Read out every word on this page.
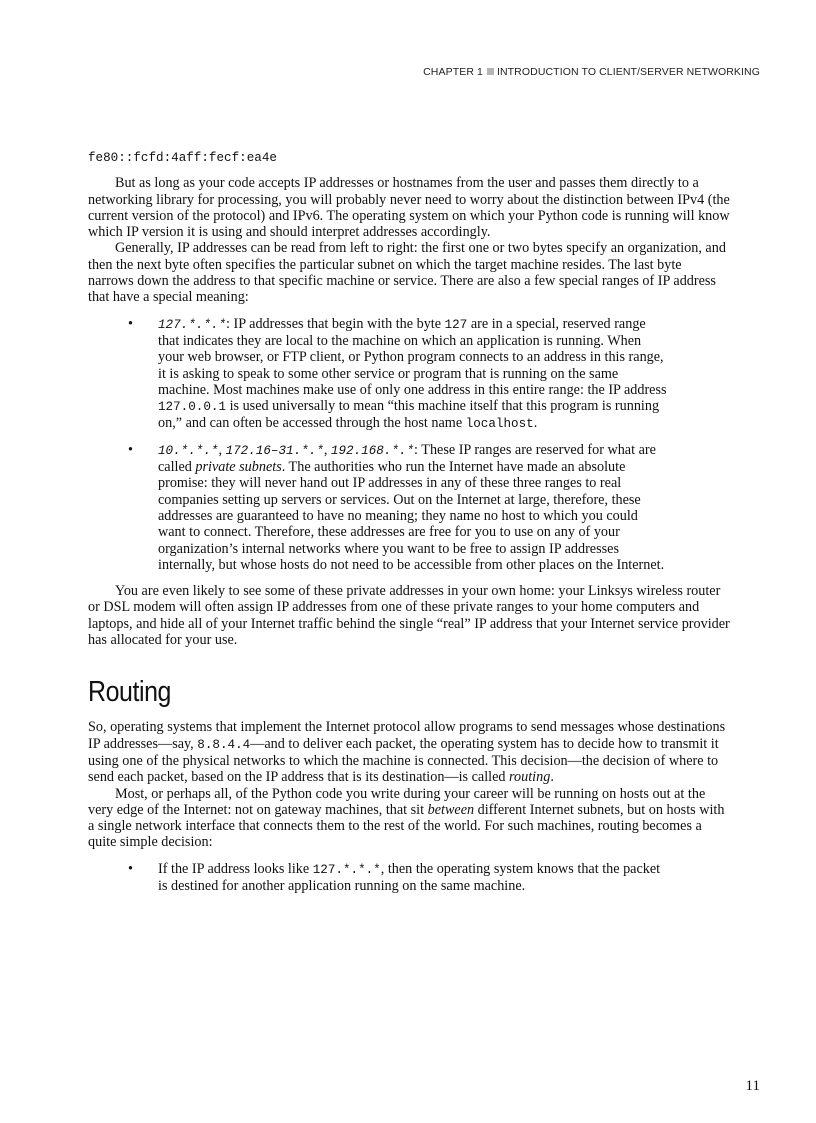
CHAPTER 1 INTRODUCTION TO CLIENT/SERVER NETWORKING
fe80::fcfd:4aff:fecf:ea4e

But as long as your code accepts IP addresses or hostnames from the user and passes them directly to a networking library for processing, you will probably never need to worry about the distinction between IPv4 (the current version of the protocol) and IPv6. The operating system on which your Python code is running will know which IP version it is using and should interpret addresses accordingly.

Generally, IP addresses can be read from left to right: the first one or two bytes specify an organization, and then the next byte often specifies the particular subnet on which the target machine resides. The last byte narrows down the address to that specific machine or service. There are also a few special ranges of IP address that have a special meaning:

• 127.*.*.*: IP addresses that begin with the byte 127 are in a special, reserved range that indicates they are local to the machine on which an application is running. When your web browser, or FTP client, or Python program connects to an address in this range, it is asking to speak to some other service or program that is running on the same machine. Most machines make use of only one address in this entire range: the IP address 127.0.0.1 is used universally to mean “this machine itself that this program is running on,” and can often be accessed through the host name localhost.
• 10.*.*.*, 172.16–31.*.*, 192.168.*.*: These IP ranges are reserved for what are called private subnets. The authorities who run the Internet have made an absolute promise: they will never hand out IP addresses in any of these three ranges to real companies setting up servers or services. Out on the Internet at large, therefore, these addresses are guaranteed to have no meaning; they name no host to which you could want to connect. Therefore, these addresses are free for you to use on any of your organization’s internal networks where you want to be free to assign IP addresses internally, but whose hosts do not need to be accessible from other places on the Internet.

You are even likely to see some of these private addresses in your own home: your Linksys wireless router or DSL modem will often assign IP addresses from one of these private ranges to your home computers and laptops, and hide all of your Internet traffic behind the single “real” IP address that your Internet service provider has allocated for your use.

Routing

So, operating systems that implement the Internet protocol allow programs to send messages whose destinations IP addresses—say, 8.8.4.4—and to deliver each packet, the operating system has to decide how to transmit it using one of the physical networks to which the machine is connected. This decision—the decision of where to send each packet, based on the IP address that is its destination—is called routing.

Most, or perhaps all, of the Python code you write during your career will be running on hosts out at the very edge of the Internet: not on gateway machines, that sit between different Internet subnets, but on hosts with a single network interface that connects them to the rest of the world. For such machines, routing becomes a quite simple decision:

• If the IP address looks like 127.*.*.*, then the operating system knows that the packet is destined for another application running on the same machine.
11
